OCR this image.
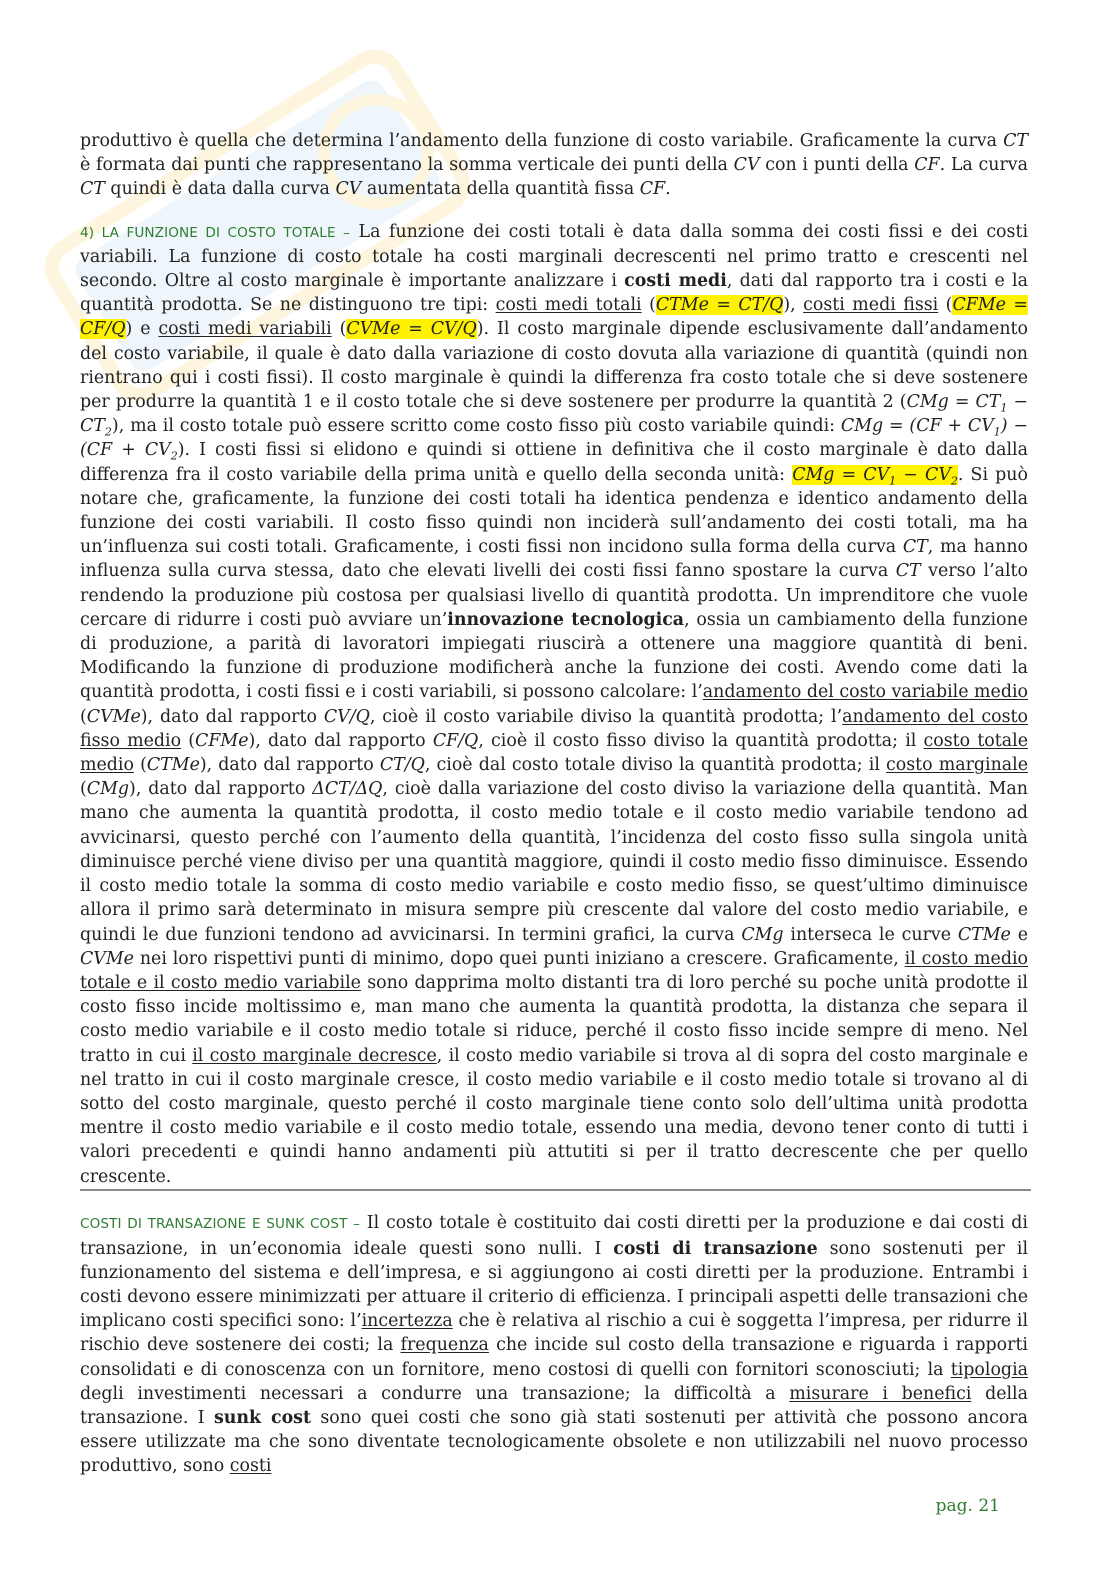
produttivo è quella che determina l’andamento della funzione di costo variabile. Graficamente la curva CT è formata dai punti che rappresentano la somma verticale dei punti della CV con i punti della CF. La curva CT quindi è data dalla curva CV aumentata della quantità fissa CF.

4) LA FUNZIONE DI COSTO TOTALE – La funzione dei costi totali è data dalla somma dei costi fissi e dei costi variabili. La funzione di costo totale ha costi marginali decrescenti nel primo tratto e crescenti nel secondo. Oltre al costo marginale è importante analizzare i costi medi, dati dal rapporto tra i costi e la quantità prodotta. Se ne distinguono tre tipi: costi medi totali (CTMe = CT/Q), costi medi fissi (CFMe = CF/Q) e costi medi variabili (CVMe = CV/Q). Il costo marginale dipende esclusivamente dall’andamento del costo variabile, il quale è dato dalla variazione di costo dovuta alla variazione di quantità (quindi non rientrano qui i costi fissi). Il costo marginale è quindi la differenza fra costo totale che si deve sostenere per produrre la quantità 1 e il costo totale che si deve sostenere per produrre la quantità 2 $(CMg = CT_1 - CT_2)$, ma il costo totale può essere scritto come costo fisso più costo variabile quindi: CMg = $(CF + CV_1) - (CF + CV_2)$. I costi fissi si elidono e quindi si ottiene in definitiva che il costo marginale è dato dalla differenza fra il costo variabile della prima unità e quello della seconda unità: CMg = $CV_1 - CV_2$. Si può notare che, graficamente, la funzione dei costi totali ha identica pendenza e identico andamento della funzione dei costi variabili. Il costo fisso quindi non inciderà sull’andamento dei costi totali, ma ha un’influenza sui costi totali. Graficamente, i costi fissi non incidono sulla forma della curva CT, ma hanno influenza sulla curva stessa, dato che elevati livelli dei costi fissi fanno spostare la curva CT verso l’alto rendendo la produzione più costosa per qualsiasi livello di quantità prodotta. Un imprenditore che vuole cercare di ridurre i costi può avviare un’innovazione tecnologica, ossia un cambiamento della funzione di produzione, a parità di lavoratori impiegati riuscirà a ottenere una maggiore quantità di beni. Modificando la funzione di produzione modificherà anche la funzione dei costi. Avendo come dati la quantità prodotta, i costi fissi e i costi variabili, si possono calcolare: l’andamento del costo variabile medio (CVMe), dato dal rapporto CV/Q, cioè il costo variabile diviso la quantità prodotta; l’andamento del costo fisso medio (CFMe), dato dal rapporto CF/Q, cioè il costo fisso diviso la quantità prodotta; il costo totale medio (CTMe), dato dal rapporto CT/Q, cioè dal costo totale diviso la quantità prodotta; il costo marginale (CMg), dato dal rapporto ΔCT/ΔQ, cioè dalla variazione del costo diviso la variazione della quantità. Man mano che aumenta la quantità prodotta, il costo medio totale e il costo medio variabile tendono ad avvicinarsi, questo perché con l’aumento della quantità, l’incidenza del costo fisso sulla singola unità diminuisce perché viene diviso per una quantità maggiore, quindi il costo medio fisso diminuisce. Essendo il costo medio totale la somma di costo medio variabile e costo medio fisso, se quest’ultimo diminuisce allora il primo sarà determinato in misura sempre più crescente dal valore del costo medio variabile, e quindi le due funzioni tendono ad avvicinarsi. In termini grafici, la curva CMg interseca le curve CTMe e CVMe nei loro rispettivi punti di minimo, dopo quei punti iniziano a crescere. Graficamente, il costo medio totale e il costo medio variabile sono dapprima molto distanti tra di loro perché su poche unità prodotte il costo fisso incide moltissimo e, man mano che aumenta la quantità prodotta, la distanza che separa il costo medio variabile e il costo medio totale si riduce, perché il costo fisso incide sempre di meno. Nel tratto in cui il costo marginale decresce, il costo medio variabile si trova al di sopra del costo marginale e nel tratto in cui il costo marginale cresce, il costo medio variabile e il costo medio totale si trovano al di sotto del costo marginale, questo perché il costo marginale tiene conto solo dell’ultima unità prodotta mentre il costo medio variabile e il costo medio totale, essendo una media, devono tener conto di tutti i valori precedenti e quindi hanno andamenti più attutiti si per il tratto decrescente che per quello crescente.

COSTI DI TRANSAZIONE E SUNK COST – Il costo totale è costituito dai costi diretti per la produzione e dai costi di transazione, in un’economia ideale questi sono nulli. I costi di transazione sono sostenuti per il funzionamento del sistema e dell’impresa, e si aggiungono ai costi diretti per la produzione. Entrambi i costi devono essere minimizzati per attuare il criterio di efficienza. I principali aspetti delle transazioni che implicano costi specifici sono: l’incertezza che è relativa al rischio a cui è soggetta l’impresa, per ridurre il rischio deve sostenere dei costi; la frequenza che incide sul costo della transazione e riguarda i rapporti consolidati e di conoscenza con un fornitore, meno costosi di quelli con fornitori sconosciuti; la tipologia degli investimenti necessari a condurre una transazione; la difficoltà a misurare i benefici della transazione. I sunk cost sono quei costi che sono già stati sostenuti per attività che possono ancora essere utilizzate ma che sono diventate tecnologicamente obsolete e non utilizzabili nel nuovo processo produttivo, sono costi

pag. 21
